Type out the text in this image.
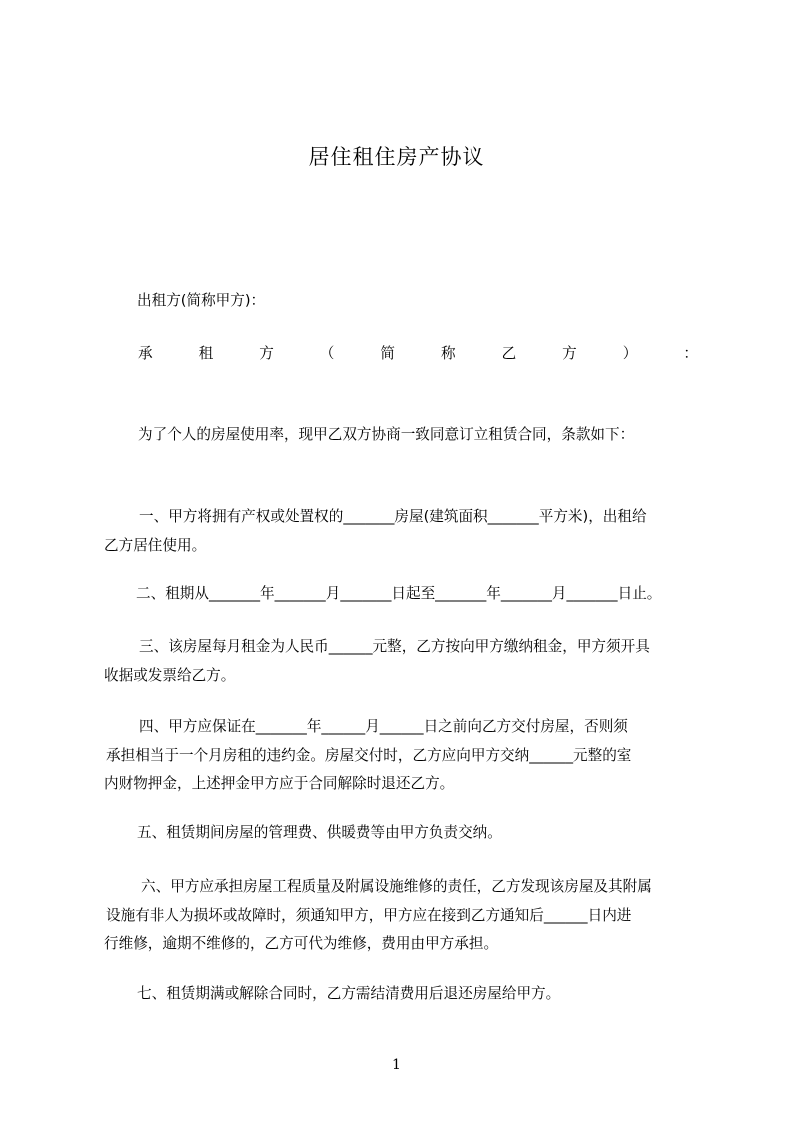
居住租住房产协议
出租方(简称甲方)：
承	租	方	（	简	称	乙	方	）	：
为了个人的房屋使用率，现甲乙双方协商一致同意订立租赁合同，条款如下：

一、甲方将拥有产权或处置权的_______房屋(建筑面积_______平方米)，出租给

乙方居住使用。

二、租期从_______年_______月_______日起至_______年_______月_______日止。

三、该房屋每月租金为人民币______元整，乙方按向甲方缴纳租金，甲方须开具

收据或发票给乙方。

四、甲方应保证在_______年______月______日之前向乙方交付房屋，否则须

承担相当于一个月房租的违约金。房屋交付时，乙方应向甲方交纳______元整的室

内财物押金，上述押金甲方应于合同解除时退还乙方。

五、租赁期间房屋的管理费、供暖费等由甲方负责交纳。

六、甲方应承担房屋工程质量及附属设施维修的责任，乙方发现该房屋及其附属

设施有非人为损坏或故障时，须通知甲方，甲方应在接到乙方通知后______日内进

行维修，逾期不维修的，乙方可代为维修，费用由甲方承担。

七、租赁期满或解除合同时，乙方需结清费用后退还房屋给甲方。

1
